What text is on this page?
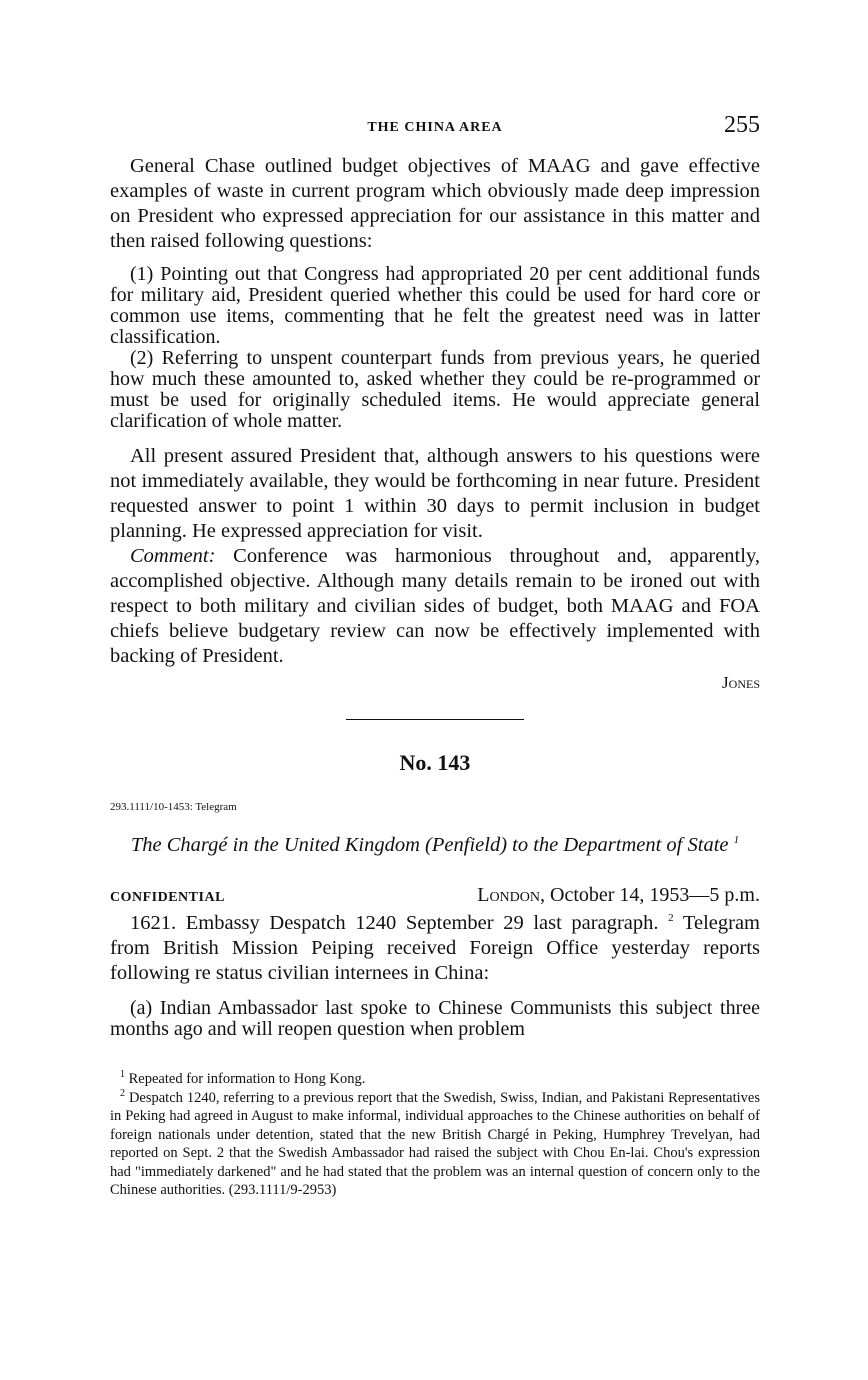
THE CHINA AREA	255

General Chase outlined budget objectives of MAAG and gave effective examples of waste in current program which obviously made deep impression on President who expressed appreciation for our assistance in this matter and then raised following questions:

(1) Pointing out that Congress had appropriated 20 per cent additional funds for military aid, President queried whether this could be used for hard core or common use items, commenting that he felt the greatest need was in latter classification.

(2) Referring to unspent counterpart funds from previous years, he queried how much these amounted to, asked whether they could be re-programmed or must be used for originally scheduled items. He would appreciate general clarification of whole matter.

All present assured President that, although answers to his questions were not immediately available, they would be forthcoming in near future. President requested answer to point 1 within 30 days to permit inclusion in budget planning. He expressed appreciation for visit.

Comment: Conference was harmonious throughout and, apparently, accomplished objective. Although many details remain to be ironed out with respect to both military and civilian sides of budget, both MAAG and FOA chiefs believe budgetary review can now be effectively implemented with backing of President.

Jones
No. 143
293.1111/10-1453: Telegram
The Chargé in the United Kingdom (Penfield) to the Department of State $^1$
CONFIDENTIAL	London, October 14, 1953—5 p.m.

1621. Embassy Despatch 1240 September 29 last paragraph. $^2$ Telegram from British Mission Peiping received Foreign Office yesterday reports following re status civilian internees in China:

(a) Indian Ambassador last spoke to Chinese Communists this subject three months ago and will reopen question when problem

$^1$ Repeated for information to Hong Kong.

$^2$ Despatch 1240, referring to a previous report that the Swedish, Swiss, Indian, and Pakistani Representatives in Peking had agreed in August to make informal, individual approaches to the Chinese authorities on behalf of foreign nationals under detention, stated that the new British Chargé in Peking, Humphrey Trevelyan, had reported on Sept. 2 that the Swedish Ambassador had raised the subject with Chou En-lai. Chou's expression had "immediately darkened" and he had stated that the problem was an internal question of concern only to the Chinese authorities. (293.1111/9-2953)
